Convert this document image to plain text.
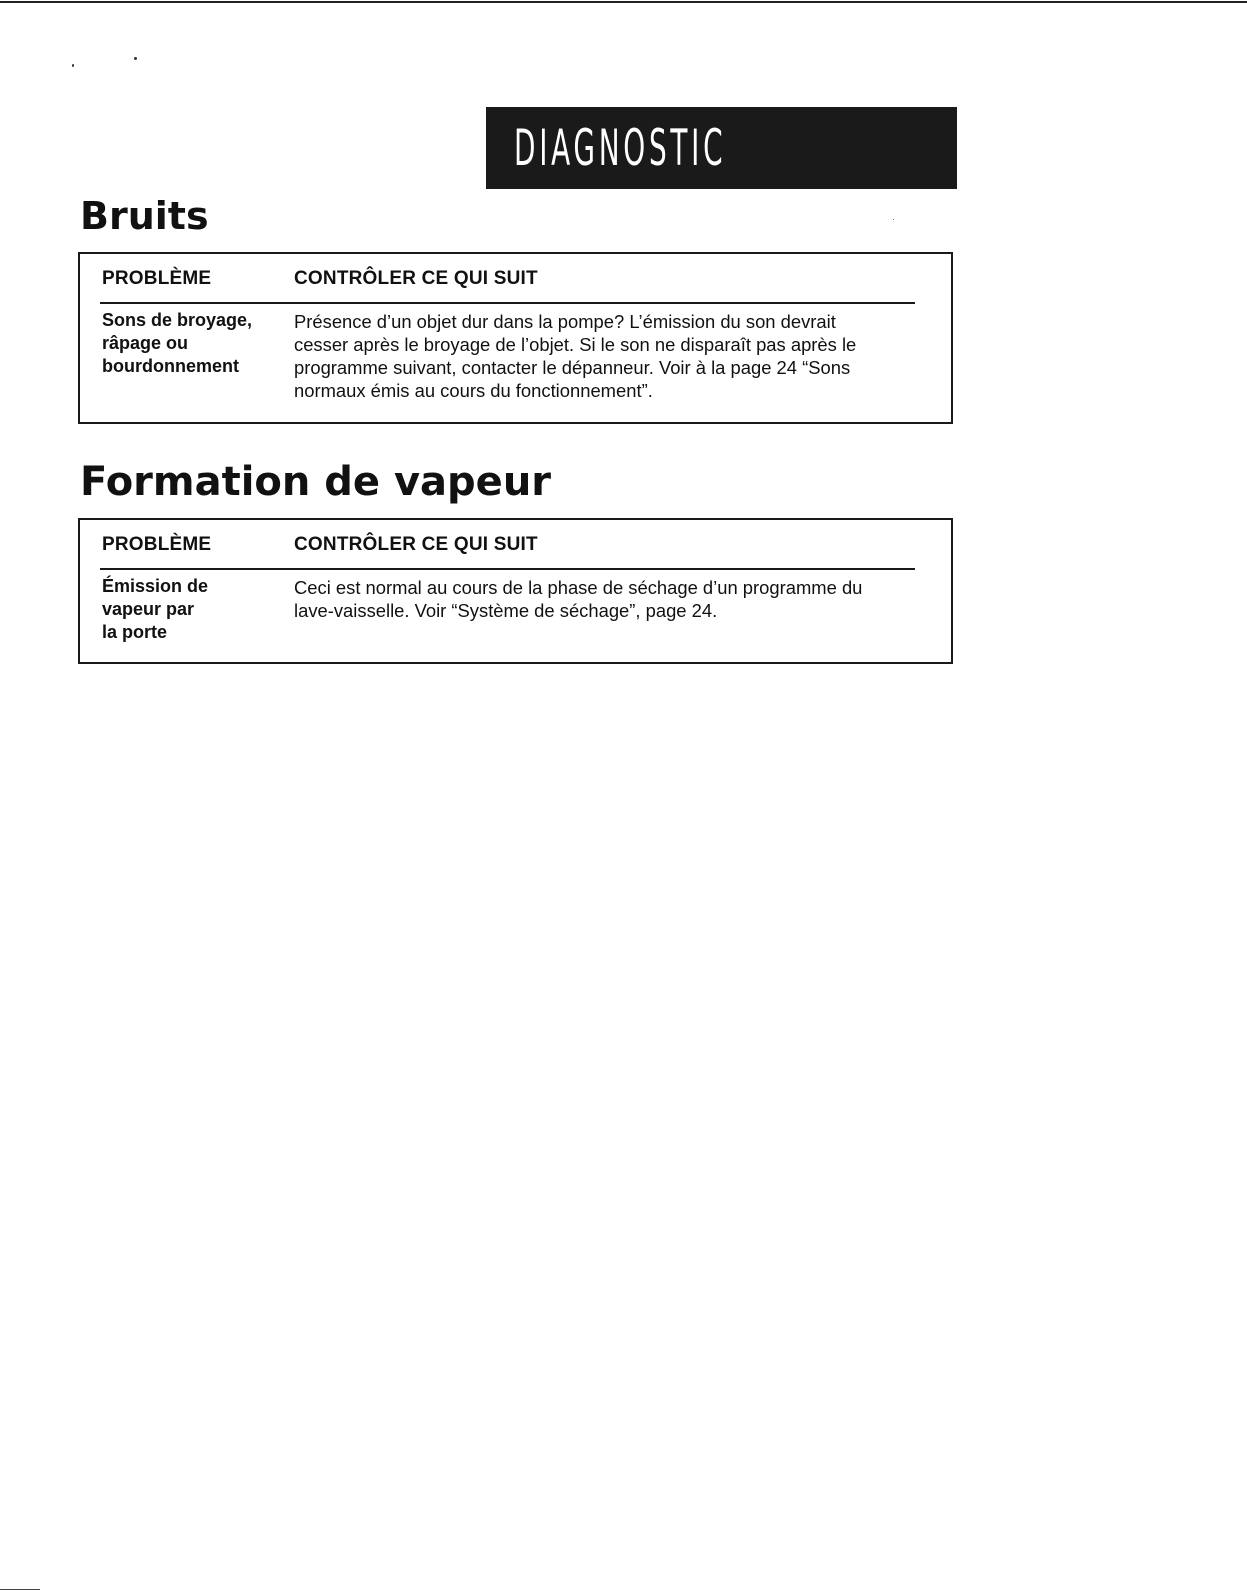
DIAGNOSTIC
Bruits
PROBLÈME	CONTRÔLER CE QUI SUIT
Sons de broyage,
râpage ou
bourdonnement
Présence d’un objet dur dans la pompe? L’émission du son devrait
cesser après le broyage de l’objet. Si le son ne disparaît pas après le
programme suivant, contacter le dépanneur. Voir à la page 24 “Sons
normaux émis au cours du fonctionnement”.
Formation de vapeur
PROBLÈME	CONTRÔLER CE QUI SUIT
Émission de
vapeur par
la porte
Ceci est normal au cours de la phase de séchage d’un programme du
lave-vaisselle. Voir “Système de séchage”, page 24.
